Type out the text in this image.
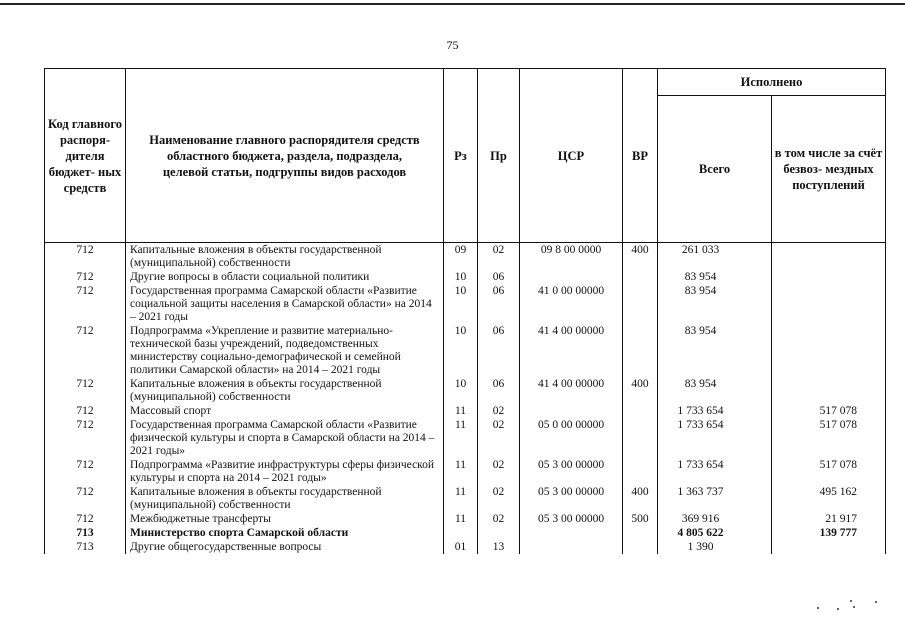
75
Код главного распоря- дителя бюджет- ных средств	Наименование главного распорядителя средств областного бюджета, раздела, подраздела, целевой статьи, подгруппы видов расходов	Рз	Пр	ЦСР	ВР	Исполнено	
						Всего	в том числе за счёт безвоз- мездных поступлений
712	Капитальные вложения в объекты государственной (муниципальной) собственности	09	02	09 8 00 0000	400	261 033	
712	Другие вопросы в области социальной политики	10	06			83 954	
712	Государственная программа Самарской области «Развитие социальной защиты населения в Самарской области» на 2014 – 2021 годы	10	06	41 0 00 00000		83 954	
712	Подпрограмма «Укрепление и развитие материально-технической базы учреждений, подведомственных министерству социально-демографической и семейной политики Самарской области» на 2014 – 2021 годы	10	06	41 4 00 00000		83 954	
712	Капитальные вложения в объекты государственной (муниципальной) собственности	10	06	41 4 00 00000	400	83 954	
712	Массовый спорт	11	02			1 733 654	517 078
712	Государственная программа Самарской области «Развитие физической культуры и спорта в Самарской области на 2014 – 2021 годы»	11	02	05 0 00 00000		1 733 654	517 078
712	Подпрограмма «Развитие инфраструктуры сферы физической культуры и спорта на 2014 – 2021 годы»	11	02	05 3 00 00000		1 733 654	517 078
712	Капитальные вложения в объекты государственной (муниципальной) собственности	11	02	05 3 00 00000	400	1 363 737	495 162
712	Межбюджетные трансферты	11	02	05 3 00 00000	500	369 916	21 917
713	Министерство спорта Самарской области					4 805 622	139 777
713	Другие общегосударственные вопросы	01	13			1 390	
